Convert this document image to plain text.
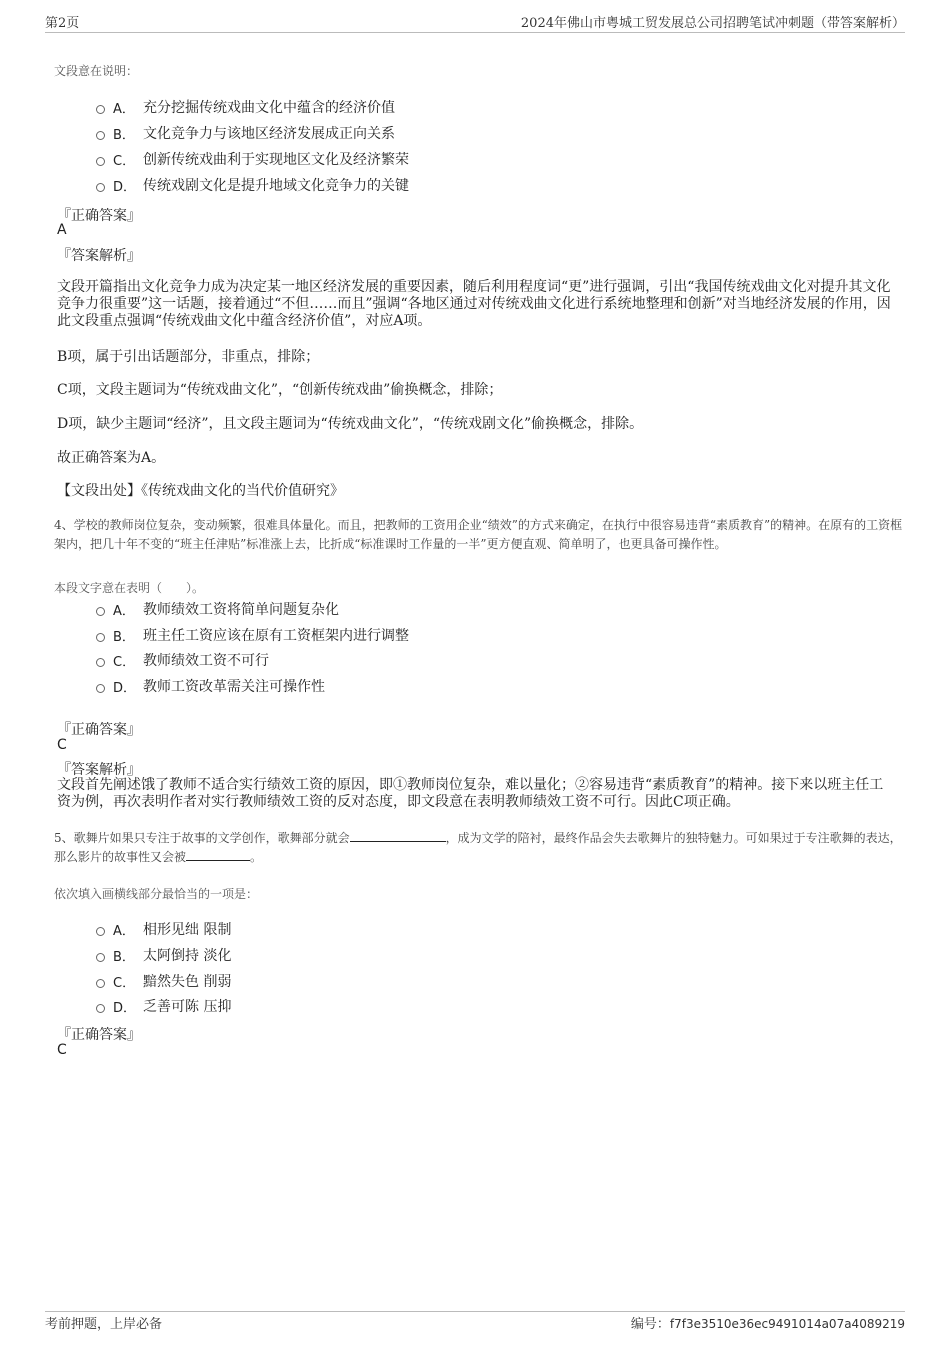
第2页	2024年佛山市粤城工贸发展总公司招聘笔试冲刺题（带答案解析）
文段意在说明：
A． 充分挖掘传统戏曲文化中蕴含的经济价值
B． 文化竞争力与该地区经济发展成正向关系
C． 创新传统戏曲利于实现地区文化及经济繁荣
D． 传统戏剧文化是提升地域文化竞争力的关键
『正确答案』
A
『答案解析』
文段开篇指出文化竞争力成为决定某一地区经济发展的重要因素，随后利用程度词“更”进行强调，引出“我国传统戏曲文化对提升其文化竞争力很重要”这一话题，接着通过“不但……而且”强调“各地区通过对传统戏曲文化进行系统地整理和创新”对当地经济发展的作用，因此文段重点强调“传统戏曲文化中蕴含经济价值”，对应A项。
B项，属于引出话题部分，非重点，排除；
C项，文段主题词为“传统戏曲文化”，“创新传统戏曲”偷换概念，排除；
D项，缺少主题词“经济”，且文段主题词为“传统戏曲文化”，“传统戏剧文化”偷换概念，排除。
故正确答案为A。
【文段出处】《传统戏曲文化的当代价值研究》
4、学校的教师岗位复杂，变动频繁，很难具体量化。而且，把教师的工资用企业“绩效”的方式来确定，在执行中很容易违背“素质教育”的精神。在原有的工资框架内，把几十年不变的“班主任津贴”标准涨上去，比折成“标准课时工作量的一半”更方便直观、简单明了，也更具备可操作性。
本段文字意在表明（　　）。
A． 教师绩效工资将简单问题复杂化
B． 班主任工资应该在原有工资框架内进行调整
C． 教师绩效工资不可行
D． 教师工资改革需关注可操作性
『正确答案』
C
『答案解析』
文段首先阐述饿了教师不适合实行绩效工资的原因，即①教师岗位复杂，难以量化；②容易违背“素质教育”的精神。接下来以班主任工资为例，再次表明作者对实行教师绩效工资的反对态度，即文段意在表明教师绩效工资不可行。因此C项正确。
5、歌舞片如果只专注于故事的文学创作，歌舞部分就会	，成为文学的陪衬，最终作品会失去歌舞片的独特魅力。可如果过于专注歌舞的表达，那么影片的故事性又会被	。
依次填入画横线部分最恰当的一项是：
A． 相形见绌 限制
B． 太阿倒持 淡化
C． 黯然失色 削弱
D． 乏善可陈 压抑
『正确答案』
C
考前押题，上岸必备	编号：f7f3e3510e36ec9491014a07a4089219
